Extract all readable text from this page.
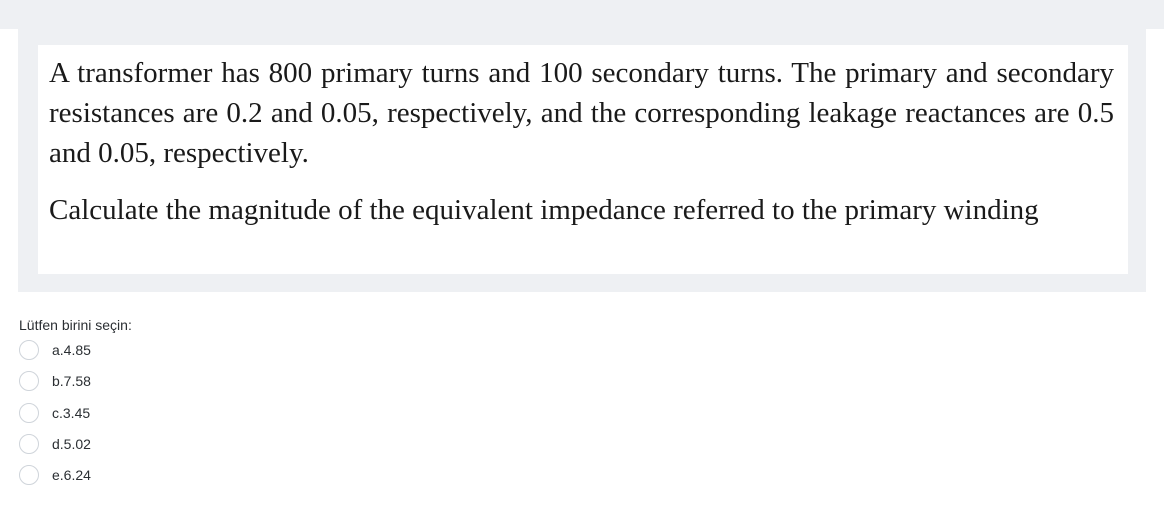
A transformer has 800 primary turns and 100 secondary turns. The primary and secondary resistances are 0.2 and 0.05, respectively, and the corresponding leakage reactances are 0.5 and 0.05, respectively.

Calculate the magnitude of the equivalent impedance referred to the primary winding

Lütfen birini seçin:
a.4.85
b.7.58
c.3.45
d.5.02
e.6.24
